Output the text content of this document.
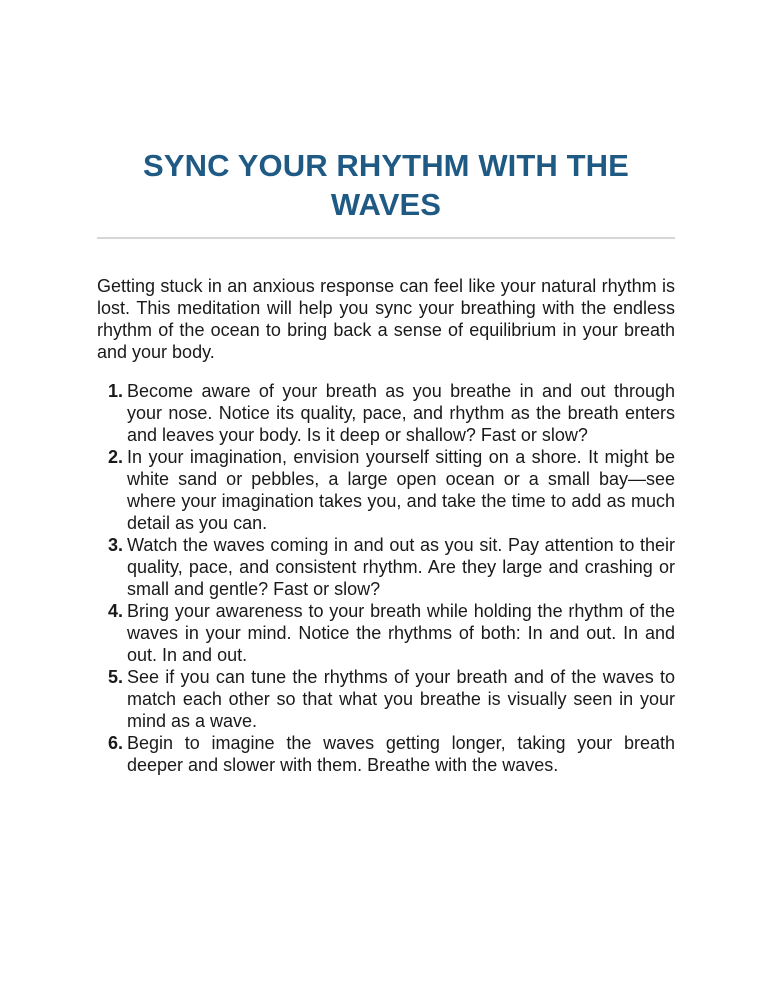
SYNC YOUR RHYTHM WITH THE
WAVES

Getting stuck in an anxious response can feel like your natural rhythm is lost. This meditation will help you sync your breathing with the endless rhythm of the ocean to bring back a sense of equilibrium in your breath and your body.

1. Become aware of your breath as you breathe in and out through your nose. Notice its quality, pace, and rhythm as the breath enters and leaves your body. Is it deep or shallow? Fast or slow?
2. In your imagination, envision yourself sitting on a shore. It might be white sand or pebbles, a large open ocean or a small bay—see where your imagination takes you, and take the time to add as much detail as you can.
3. Watch the waves coming in and out as you sit. Pay attention to their quality, pace, and consistent rhythm. Are they large and crashing or small and gentle? Fast or slow?
4. Bring your awareness to your breath while holding the rhythm of the waves in your mind. Notice the rhythms of both: In and out. In and out. In and out.
5. See if you can tune the rhythms of your breath and of the waves to match each other so that what you breathe is visually seen in your mind as a wave.
6. Begin to imagine the waves getting longer, taking your breath deeper and slower with them. Breathe with the waves.
